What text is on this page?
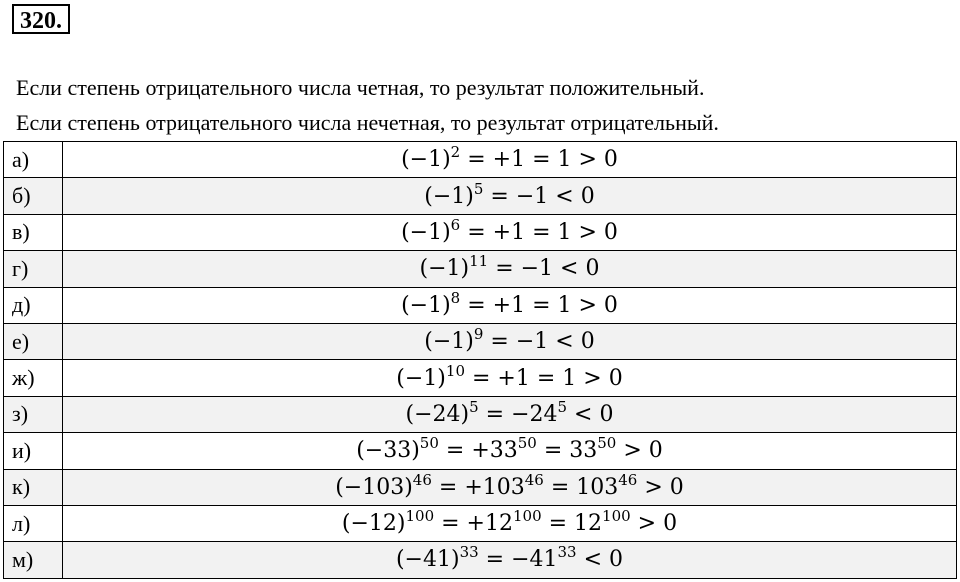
320.
Если степень отрицательного числа четная, то результат положительный.
Если степень отрицательного числа нечетная, то результат отрицательный.
а)	$(-1)^2 = +1 = 1 > 0$
б)	$(-1)^5 = -1 < 0$
в)	$(-1)^6 = +1 = 1 > 0$
г)	$(-1)^{11} = -1 < 0$
д)	$(-1)^8 = +1 = 1 > 0$
е)	$(-1)^9 = -1 < 0$
ж)	$(-1)^{10} = +1 = 1 > 0$
з)	$(-24)^5 = -24^5 < 0$
и)	$(-33)^{50} = +33^{50} = 33^{50} > 0$
к)	$(-103)^{46} = +103^{46} = 103^{46} > 0$
л)	$(-12)^{100} = +12^{100} = 12^{100} > 0$
м)	$(-41)^{33} = -41^{33} < 0$
